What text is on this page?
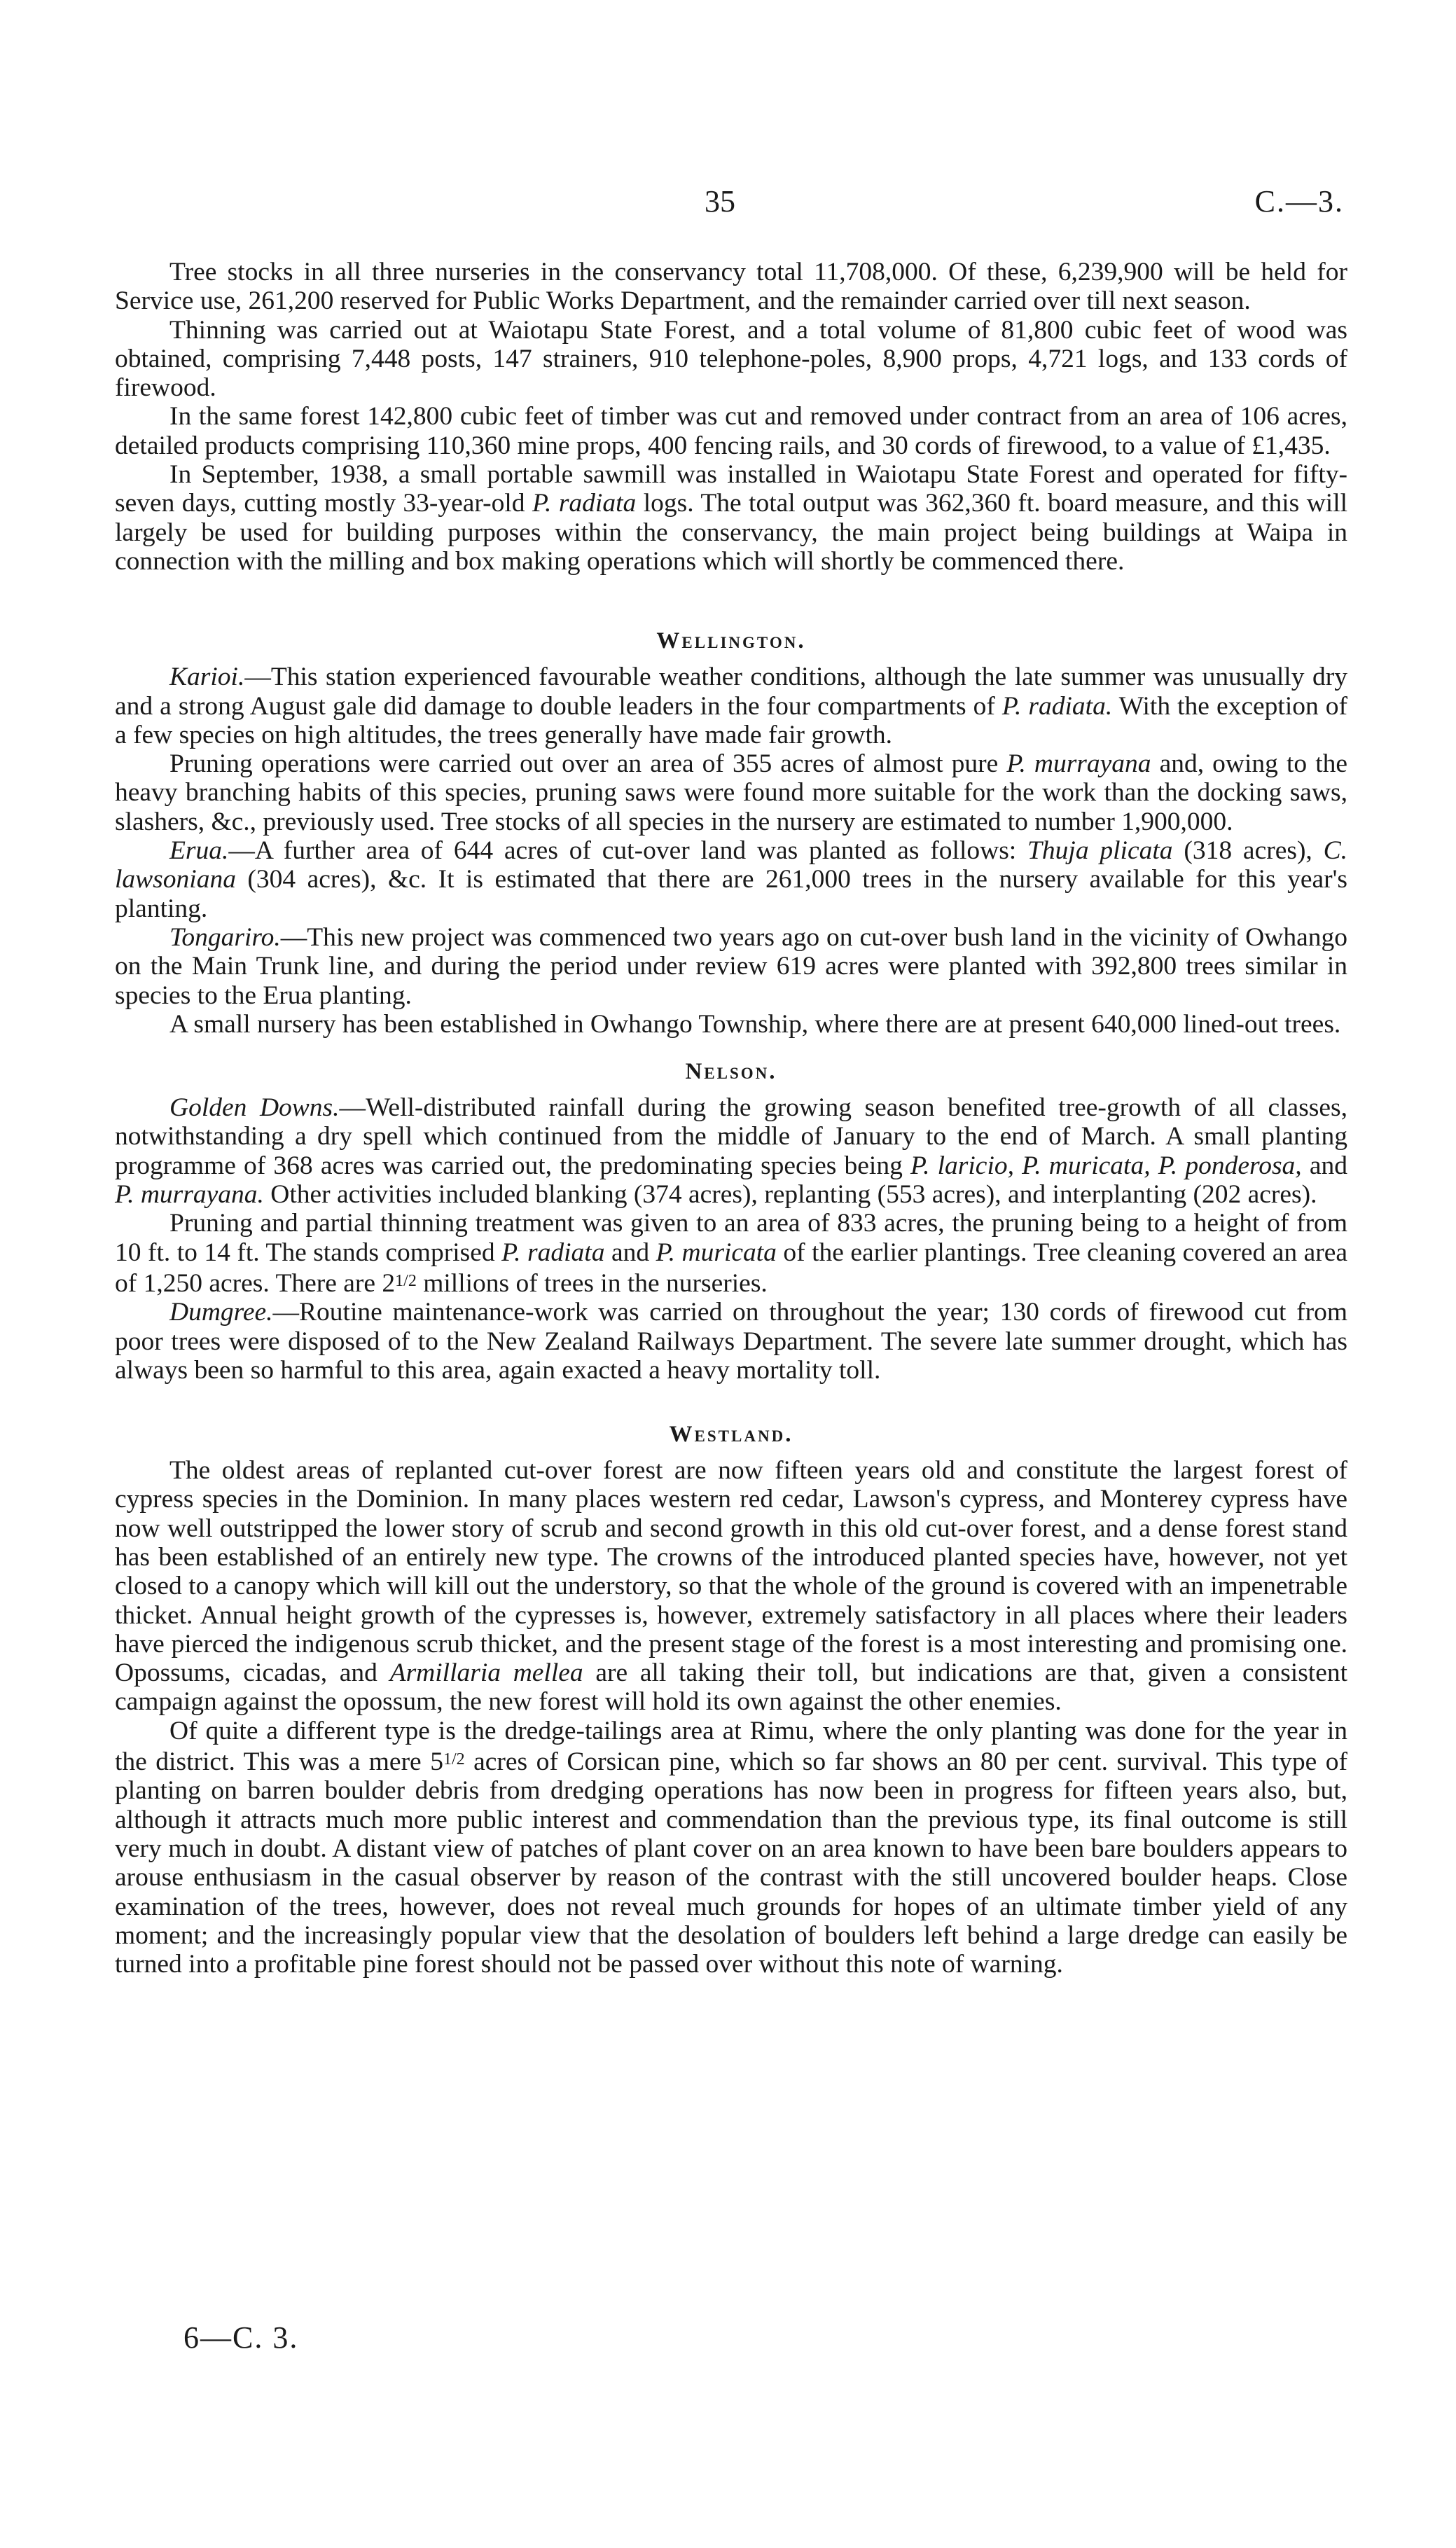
35	C.—3.

Tree stocks in all three nurseries in the conservancy total 11,708,000. Of these, 6,239,900 will be held for Service use, 261,200 reserved for Public Works Department, and the remainder carried over till next season.

Thinning was carried out at Waiotapu State Forest, and a total volume of 81,800 cubic feet of wood was obtained, comprising 7,448 posts, 147 strainers, 910 telephone-poles, 8,900 props, 4,721 logs, and 133 cords of firewood.

In the same forest 142,800 cubic feet of timber was cut and removed under contract from an area of 106 acres, detailed products comprising 110,360 mine props, 400 fencing rails, and 30 cords of firewood, to a value of £1,435.

In September, 1938, a small portable sawmill was installed in Waiotapu State Forest and operated for fifty-seven days, cutting mostly 33-year-old P. radiata logs. The total output was 362,360 ft. board measure, and this will largely be used for building purposes within the conservancy, the main project being buildings at Waipa in connection with the milling and box making operations which will shortly be commenced there.

Wellington.

Karioi.—This station experienced favourable weather conditions, although the late summer was unusually dry and a strong August gale did damage to double leaders in the four compartments of P. radiata. With the exception of a few species on high altitudes, the trees generally have made fair growth.

Pruning operations were carried out over an area of 355 acres of almost pure P. murrayana and, owing to the heavy branching habits of this species, pruning saws were found more suitable for the work than the docking saws, slashers, &c., previously used. Tree stocks of all species in the nursery are estimated to number 1,900,000.

Erua.—A further area of 644 acres of cut-over land was planted as follows: Thuja plicata (318 acres), C. lawsoniana (304 acres), &c. It is estimated that there are 261,000 trees in the nursery available for this year's planting.

Tongariro.—This new project was commenced two years ago on cut-over bush land in the vicinity of Owhango on the Main Trunk line, and during the period under review 619 acres were planted with 392,800 trees similar in species to the Erua planting.

A small nursery has been established in Owhango Township, where there are at present 640,000 lined-out trees.

Nelson.

Golden Downs.—Well-distributed rainfall during the growing season benefited tree-growth of all classes, notwithstanding a dry spell which continued from the middle of January to the end of March. A small planting programme of 368 acres was carried out, the predominating species being P. laricio, P. muricata, P. ponderosa, and P. murrayana. Other activities included blanking (374 acres), replanting (553 acres), and interplanting (202 acres).

Pruning and partial thinning treatment was given to an area of 833 acres, the pruning being to a height of from 10 ft. to 14 ft. The stands comprised P. radiata and P. muricata of the earlier plantings. Tree cleaning covered an area of 1,250 acres. There are $2^{1/2}$ millions of trees in the nurseries.

Dumgree.—Routine maintenance-work was carried on throughout the year; 130 cords of firewood cut from poor trees were disposed of to the New Zealand Railways Department. The severe late summer drought, which has always been so harmful to this area, again exacted a heavy mortality toll.

Westland.

The oldest areas of replanted cut-over forest are now fifteen years old and constitute the largest forest of cypress species in the Dominion. In many places western red cedar, Lawson's cypress, and Monterey cypress have now well outstripped the lower story of scrub and second growth in this old cut-over forest, and a dense forest stand has been established of an entirely new type. The crowns of the introduced planted species have, however, not yet closed to a canopy which will kill out the understory, so that the whole of the ground is covered with an impenetrable thicket. Annual height growth of the cypresses is, however, extremely satisfactory in all places where their leaders have pierced the indigenous scrub thicket, and the present stage of the forest is a most interesting and promising one. Opossums, cicadas, and Armillaria mellea are all taking their toll, but indications are that, given a consistent campaign against the opossum, the new forest will hold its own against the other enemies.

Of quite a different type is the dredge-tailings area at Rimu, where the only planting was done for the year in the district. This was a mere $5^{1/2}$ acres of Corsican pine, which so far shows an 80 per cent. survival. This type of planting on barren boulder debris from dredging operations has now been in progress for fifteen years also, but, although it attracts much more public interest and commendation than the previous type, its final outcome is still very much in doubt. A distant view of patches of plant cover on an area known to have been bare boulders appears to arouse enthusiasm in the casual observer by reason of the contrast with the still uncovered boulder heaps. Close examination of the trees, however, does not reveal much grounds for hopes of an ultimate timber yield of any moment; and the increasingly popular view that the desolation of boulders left behind a large dredge can easily be turned into a profitable pine forest should not be passed over without this note of warning.

6—C. 3.
